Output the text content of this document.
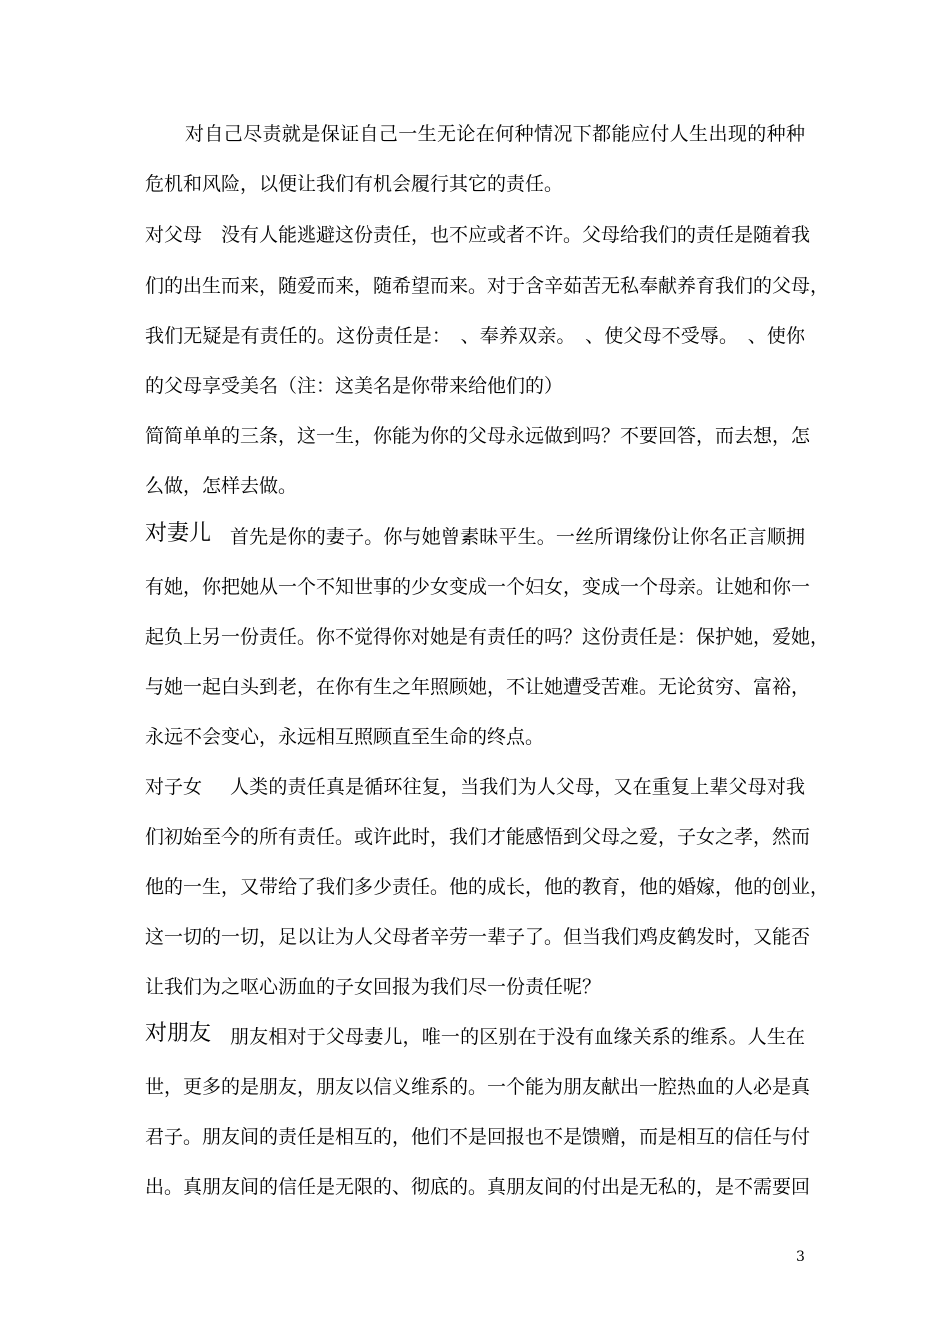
对自己尽责就是保证自己一生无论在何种情况下都能应付人生出现的种种
危机和风险，以便让我们有机会履行其它的责任。
对父母　没有人能逃避这份责任，也不应或者不许。父母给我们的责任是随着我
们的出生而来，随爱而来，随希望而来。对于含辛茹苦无私奉献养育我们的父母，
我们无疑是有责任的。这份责任是：　、奉养双亲。　、使父母不受辱。　、使你
的父母享受美名（注：这美名是你带来给他们的）
简简单单的三条，这一生，你能为你的父母永远做到吗？不要回答，而去想，怎
么做，怎样去做。
对妻儿 首先是你的妻子。你与她曾素昧平生。一丝所谓缘份让你名正言顺拥
有她，你把她从一个不知世事的少女变成一个妇女，变成一个母亲。让她和你一
起负上另一份责任。你不觉得你对她是有责任的吗？这份责任是：保护她，爱她，
与她一起白头到老，在你有生之年照顾她，不让她遭受苦难。无论贫穷、富裕，
永远不会变心，永远相互照顾直至生命的终点。
对子女	人类的责任真是循环往复，当我们为人父母，又在重复上辈父母对我
们初始至今的所有责任。或许此时，我们才能感悟到父母之爱，子女之孝，然而
他的一生，又带给了我们多少责任。他的成长，他的教育，他的婚嫁，他的创业，
这一切的一切，足以让为人父母者辛劳一辈子了。但当我们鸡皮鹤发时，又能否
让我们为之呕心沥血的子女回报为我们尽一份责任呢？
对朋友 朋友相对于父母妻儿，唯一的区别在于没有血缘关系的维系。人生在
世，更多的是朋友，朋友以信义维系的。一个能为朋友献出一腔热血的人必是真
君子。朋友间的责任是相互的，他们不是回报也不是馈赠，而是相互的信任与付
出。真朋友间的信任是无限的、彻底的。真朋友间的付出是无私的，是不需要回
3
